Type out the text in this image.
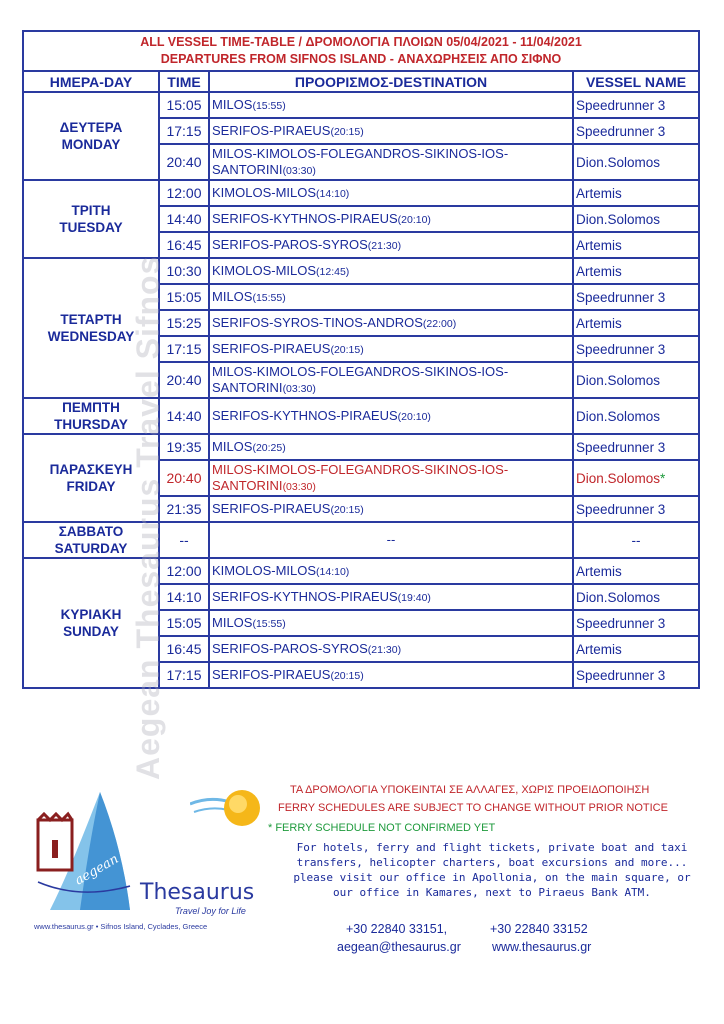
ALL VESSEL TIME-TABLE / ΔΡΟΜΟΛΟΓΙΑ ΠΛΟΙΩΝ 05/04/2021 - 11/04/2021
DEPARTURES FROM SIFNOS ISLAND - ΑΝΑΧΩΡΗΣΕΙΣ ΑΠΟ ΣΙΦΝΟ			

ΗΜΕΡΑ-DAY	TIME	ΠΡΟΟΡΙΣΜΟΣ-DESTINATION	VESSEL NAME

ΔΕΥΤΕΡΑ
MONDAY	15:05	MILOS(15:55)	Speedrunner 3
	17:15	SERIFOS-PIRAEUS(20:15)	Speedrunner 3
	20:40	MILOS-KIMOLOS-FOLEGANDROS-SIKINOS-IOS-SANTORINI(03:30)	Dion.Solomos

ΤΡΙΤΗ
TUESDAY	12:00	KIMOLOS-MILOS(14:10)	Artemis
	14:40	SERIFOS-KYTHNOS-PIRAEUS(20:10)	Dion.Solomos
	16:45	SERIFOS-PAROS-SYROS(21:30)	Artemis

ΤΕΤΑΡΤΗ
WEDNESDAY	10:30	KIMOLOS-MILOS(12:45)	Artemis
	15:05	MILOS(15:55)	Speedrunner 3
	15:25	SERIFOS-SYROS-TINOS-ANDROS(22:00)	Artemis
	17:15	SERIFOS-PIRAEUS(20:15)	Speedrunner 3
	20:40	MILOS-KIMOLOS-FOLEGANDROS-SIKINOS-IOS-SANTORINI(03:30)	Dion.Solomos

ΠΕΜΠΤΗ
THURSDAY	14:40	SERIFOS-KYTHNOS-PIRAEUS(20:10)	Dion.Solomos

ΠΑΡΑΣΚΕΥΗ
FRIDAY	19:35	MILOS(20:25)	Speedrunner 3
	20:40	MILOS-KIMOLOS-FOLEGANDROS-SIKINOS-IOS-SANTORINI(03:30)	Dion.Solomos*
	21:35	SERIFOS-PIRAEUS(20:15)	Speedrunner 3

ΣΑΒΒΑΤΟ
SATURDAY	--	--	--

ΚΥΡΙΑΚΗ
SUNDAY	12:00	KIMOLOS-MILOS(14:10)	Artemis
	14:10	SERIFOS-KYTHNOS-PIRAEUS(19:40)	Dion.Solomos
	15:05	MILOS(15:55)	Speedrunner 3
	16:45	SERIFOS-PAROS-SYROS(21:30)	Artemis
	17:15	SERIFOS-PIRAEUS(20:15)	Speedrunner 3
Aegean Thesaurus Travel Sifnos
aegean
Thesaurus
Travel Joy for Life
www.thesaurus.gr • Sifnos Island, Cyclades, Greece
ΤΑ ΔΡΟΜΟΛΟΓΙΑ ΥΠΟΚΕΙΝΤΑΙ ΣΕ ΑΛΛΑΓΕΣ, ΧΩΡΙΣ ΠΡΟΕΙΔΟΠΟΙΗΣΗ
FERRY SCHEDULES ARE SUBJECT TO CHANGE WITHOUT PRIOR NOTICE
* FERRY SCHEDULE NOT CONFIRMED YET
For hotels, ferry and flight tickets, private boat and taxi transfers, helicopter charters, boat excursions and more... please visit our office in Apollonia, on the main square, or our office in Kamares, next to Piraeus Bank ATM.
+30 22840 33151,	+30 22840 33152
aegean@thesaurus.gr www.thesaurus.gr
